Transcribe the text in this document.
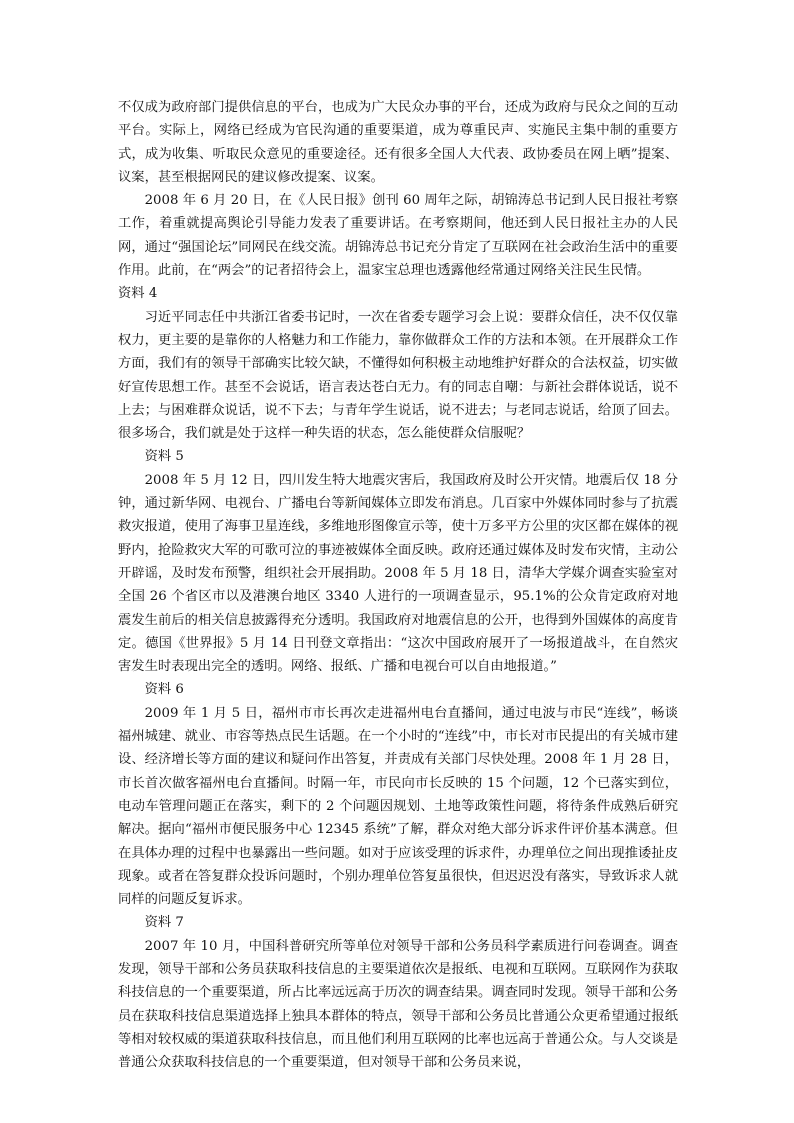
不仅成为政府部门提供信息的平台，也成为广大民众办事的平台，还成为政府与民众之间的互动平台。实际上，网络已经成为官民沟通的重要渠道，成为尊重民声、实施民主集中制的重要方式，成为收集、听取民众意见的重要途径。还有很多全国人大代表、政协委员在网上晒”提案、议案，甚至根据网民的建议修改提案、议案。

2008 年 6 月 20 日，在《人民日报》创刊 60 周年之际，胡锦涛总书记到人民日报社考察工作，着重就提高舆论引导能力发表了重要讲话。在考察期间，他还到人民日报社主办的人民网，通过“强国论坛”同网民在线交流。胡锦涛总书记充分肯定了互联网在社会政治生活中的重要作用。此前，在“两会”的记者招待会上，温家宝总理也透露他经常通过网络关注民生民情。

资料 4

习近平同志任中共浙江省委书记时，一次在省委专题学习会上说：要群众信任，决不仅仅靠权力，更主要的是靠你的人格魅力和工作能力，靠你做群众工作的方法和本领。在开展群众工作方面，我们有的领导干部确实比较欠缺，不懂得如何积极主动地维护好群众的合法权益，切实做好宣传思想工作。甚至不会说话，语言表达苍白无力。有的同志自嘲：与新社会群体说话，说不上去；与困难群众说话，说不下去；与青年学生说话，说不进去；与老同志说话，给顶了回去。很多场合，我们就是处于这样一种失语的状态，怎么能使群众信服呢？

资料 5

2008 年 5 月 12 日，四川发生特大地震灾害后，我国政府及时公开灾情。地震后仅 18 分钟，通过新华网、电视台、广播电台等新闻媒体立即发布消息。几百家中外媒体同时参与了抗震救灾报道，使用了海事卫星连线，多维地形图像宣示等，使十万多平方公里的灾区都在媒体的视野内，抢险救灾大军的可歌可泣的事迹被媒体全面反映。政府还通过媒体及时发布灾情，主动公开辟谣，及时发布预警，组织社会开展捐助。2008 年 5 月 18 日，清华大学媒介调查实验室对全国 26 个省区市以及港澳台地区 3340 人进行的一项调查显示，95.1%的公众肯定政府对地震发生前后的相关信息披露得充分透明。我国政府对地震信息的公开，也得到外国媒体的高度肯定。德国《世界报》5 月 14 日刊登文章指出：“这次中国政府展开了一场报道战斗，在自然灾害发生时表现出完全的透明。网络、报纸、广播和电视台可以自由地报道。”

资料 6

2009 年 1 月 5 日，福州市市长再次走进福州电台直播间，通过电波与市民“连线”，畅谈福州城建、就业、市容等热点民生话题。在一个小时的“连线”中，市长对市民提出的有关城市建设、经济增长等方面的建议和疑问作出答复，并责成有关部门尽快处理。2008 年 1 月 28 日，市长首次做客福州电台直播间。时隔一年，市民向市长反映的 15 个问题，12 个已落实到位，电动车管理问题正在落实，剩下的 2 个问题因规划、土地等政策性问题，将待条件成熟后研究解决。据向“福州市便民服务中心 12345 系统”了解，群众对绝大部分诉求件评价基本满意。但在具体办理的过程中也暴露出一些问题。如对于应该受理的诉求件，办理单位之间出现推诿扯皮现象。或者在答复群众投诉问题时，个别办理单位答复虽很快，但迟迟没有落实，导致诉求人就同样的问题反复诉求。

资料 7

2007 年 10 月，中国科普研究所等单位对领导干部和公务员科学素质进行问卷调查。调查发现，领导干部和公务员获取科技信息的主要渠道依次是报纸、电视和互联网。互联网作为获取科技信息的一个重要渠道，所占比率远远高于历次的调查结果。调查同时发现。领导干部和公务员在获取科技信息渠道选择上独具本群体的特点，领导干部和公务员比普通公众更希望通过报纸等相对较权威的渠道获取科技信息，而且他们利用互联网的比率也远高于普通公众。与人交谈是普通公众获取科技信息的一个重要渠道，但对领导干部和公务员来说，
